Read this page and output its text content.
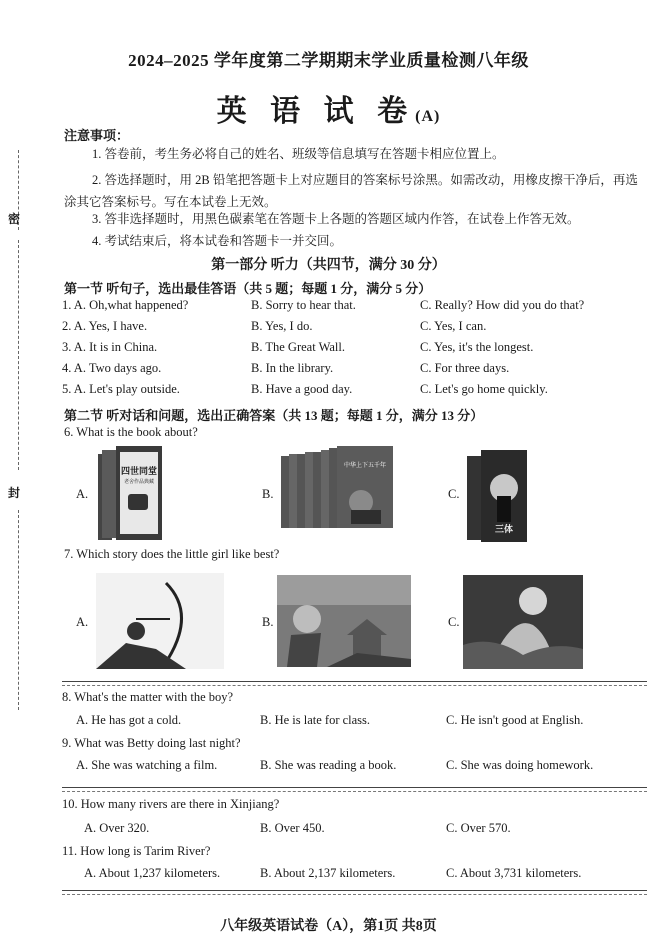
密
封
2024–2025 学年度第二学期期末学业质量检测八年级
英 语 试 卷(A)
注意事项：
1. 答卷前，考生务必将自己的姓名、班级等信息填写在答题卡相应位置上。
2. 答选择题时，用 2B 铅笔把答题卡上对应题目的答案标号涂黑。如需改动，用橡皮擦干净后，再选涂其它答案标号。写在本试卷上无效。
3. 答非选择题时，用黑色碳素笔在答题卡上各题的答题区域内作答，在试卷上作答无效。
4. 考试结束后，将本试卷和答题卡一并交回。
第一部分 听力（共四节，满分 30 分）
第一节 听句子，选出最佳答语（共 5 题；每题 1 分，满分 5 分）
1. A. Oh,what happened?	B. Sorry to hear that.	C. Really? How did you do that?
2. A. Yes, I have.	B. Yes, I do.	C. Yes, I can.
3. A. It is in China.	B. The Great Wall.	C. Yes, it's the longest.
4. A. Two days ago.	B. In the library.	C. For three days.
5. A. Let's play outside.	B. Have a good day.	C. Let's go home quickly.
第二节 听对话和问题，选出正确答案（共 13 题；每题 1 分，满分 13 分）
6. What is the book about?
A.
四世同堂
老舍作品典藏
B.
中华上下五千年
C.
三体
7. Which story does the little girl like best?
A.	B.	C.
8. What's the matter with the boy?
A. He has got a cold.	B. He is late for class.	C. He isn't good at English.
9. What was Betty doing last night?
A. She was watching a film.	B. She was reading a book.	C. She was doing homework.
10. How many rivers are there in Xinjiang?
A. Over 320.	B. Over 450.	C. Over 570.
11. How long is Tarim River?
A. About 1,237 kilometers.	B. About 2,137 kilometers.	C. About 3,731 kilometers.
八年级英语试卷（A），第1页 共8页
